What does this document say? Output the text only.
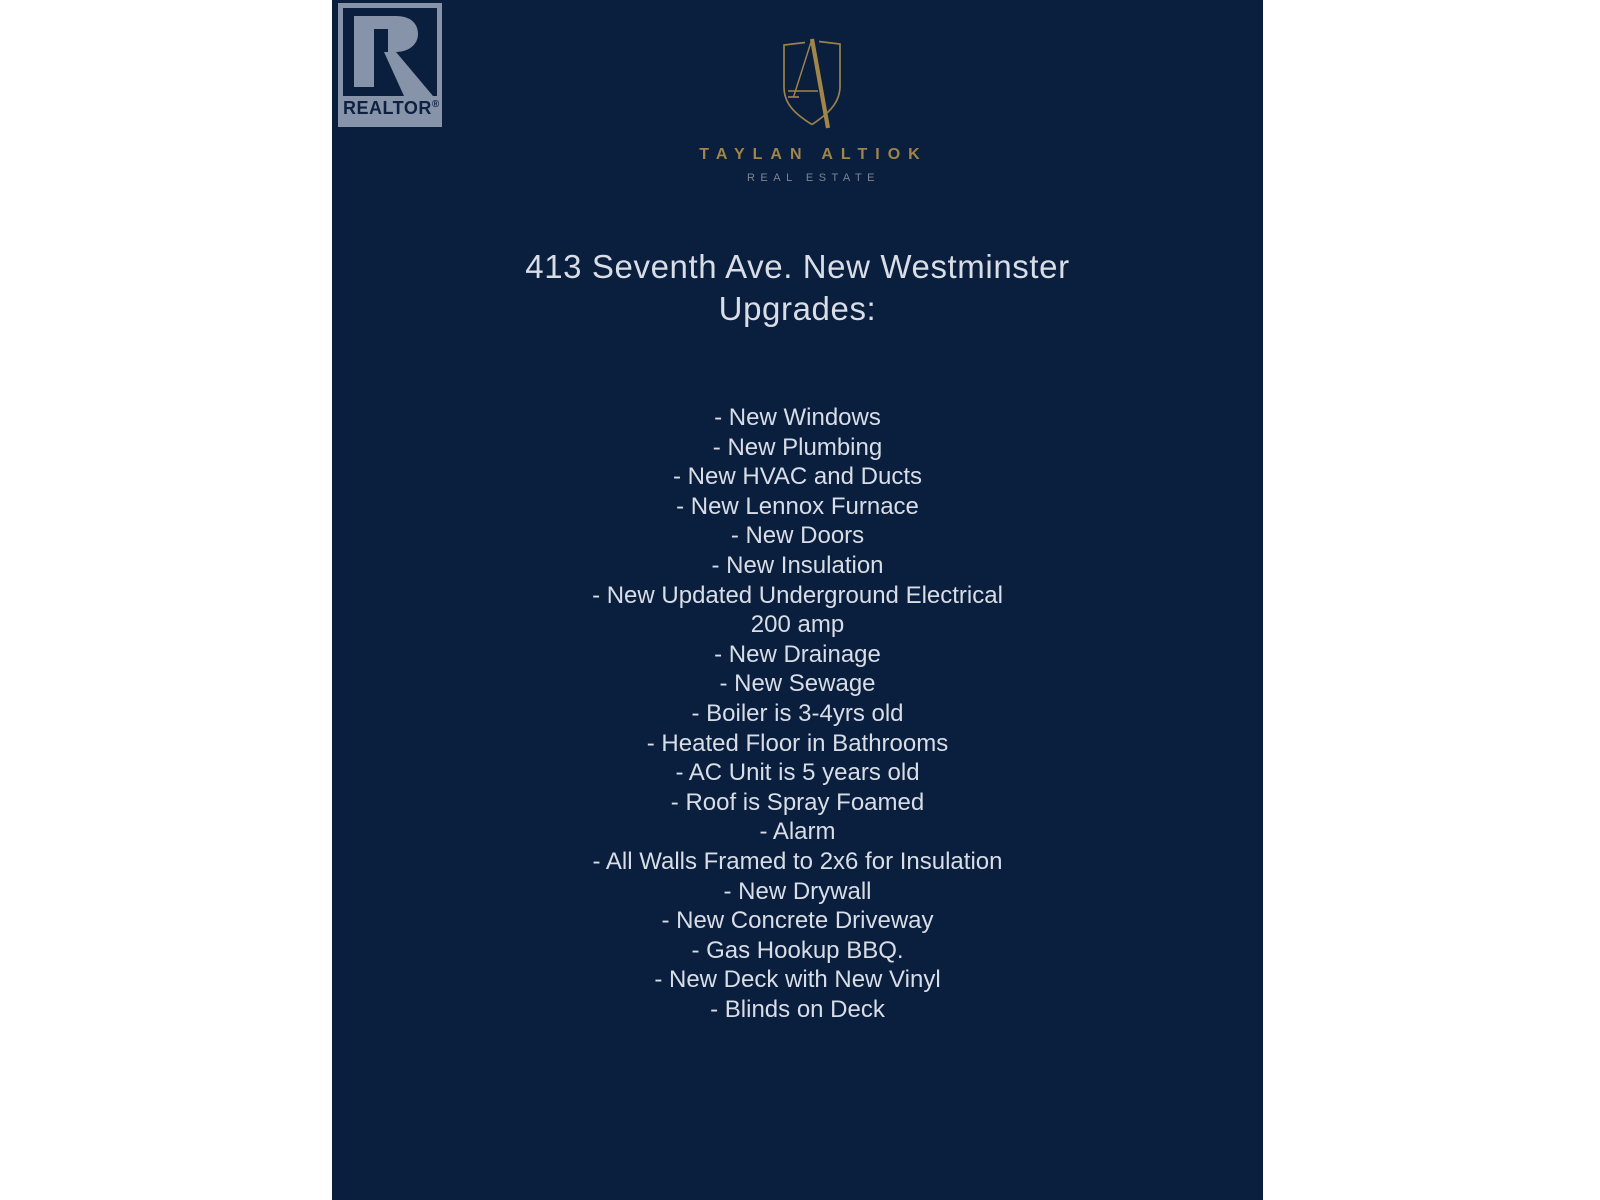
REALTOR®
TAYLAN ALTIOK
REAL ESTATE
413 Seventh Ave. New Westminster
Upgrades:
- New Windows
- New Plumbing
- New HVAC and Ducts
- New Lennox Furnace
- New Doors
- New Insulation
- New Updated Underground Electrical
200 amp
- New Drainage
- New Sewage
- Boiler is 3-4yrs old
- Heated Floor in Bathrooms
- AC Unit is 5 years old
- Roof is Spray Foamed
- Alarm
- All Walls Framed to 2x6 for Insulation
- New Drywall
- New Concrete Driveway
- Gas Hookup BBQ.
- New Deck with New Vinyl
- Blinds on Deck
